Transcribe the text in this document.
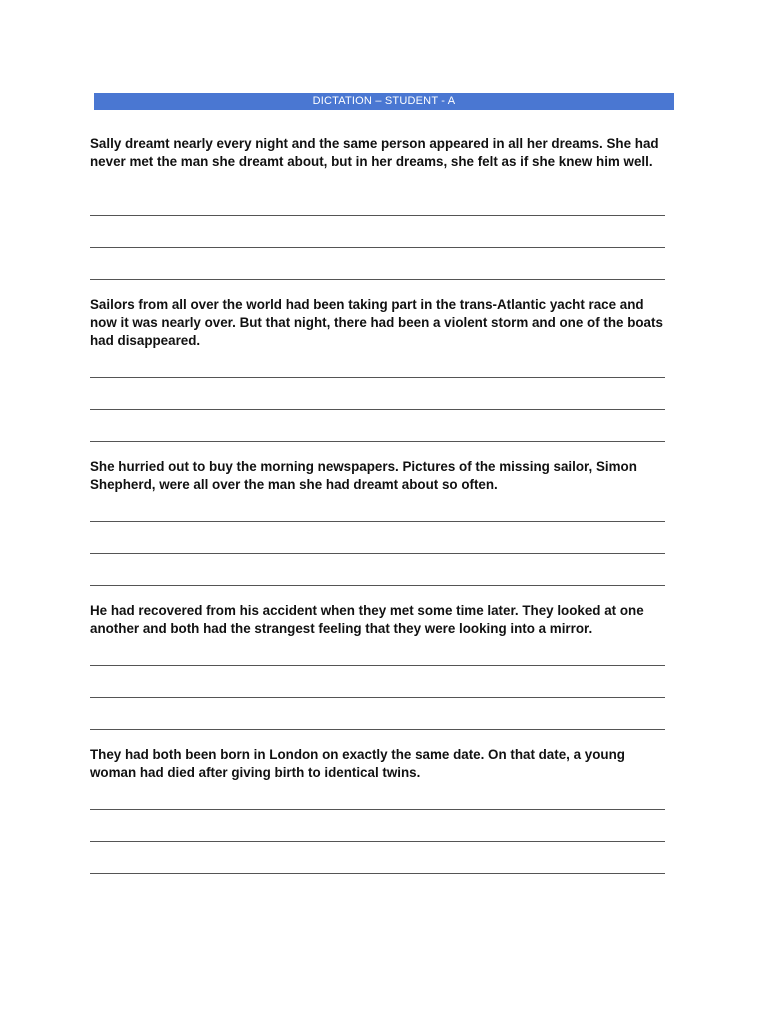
DICTATION – STUDENT - A

Sally dreamt nearly every night and the same person appeared in all her dreams. She had never met the man she dreamt about, but in her dreams, she felt as if she knew him well.

Sailors from all over the world had been taking part in the trans-Atlantic yacht race and now it was nearly over. But that night, there had been a violent storm and one of the boats had disappeared.

She hurried out to buy the morning newspapers. Pictures of the missing sailor, Simon Shepherd, were all over the man she had dreamt about so often.

He had recovered from his accident when they met some time later. They looked at one another and both had the strangest feeling that they were looking into a mirror.

They had both been born in London on exactly the same date. On that date, a young woman had died after giving birth to identical twins.
